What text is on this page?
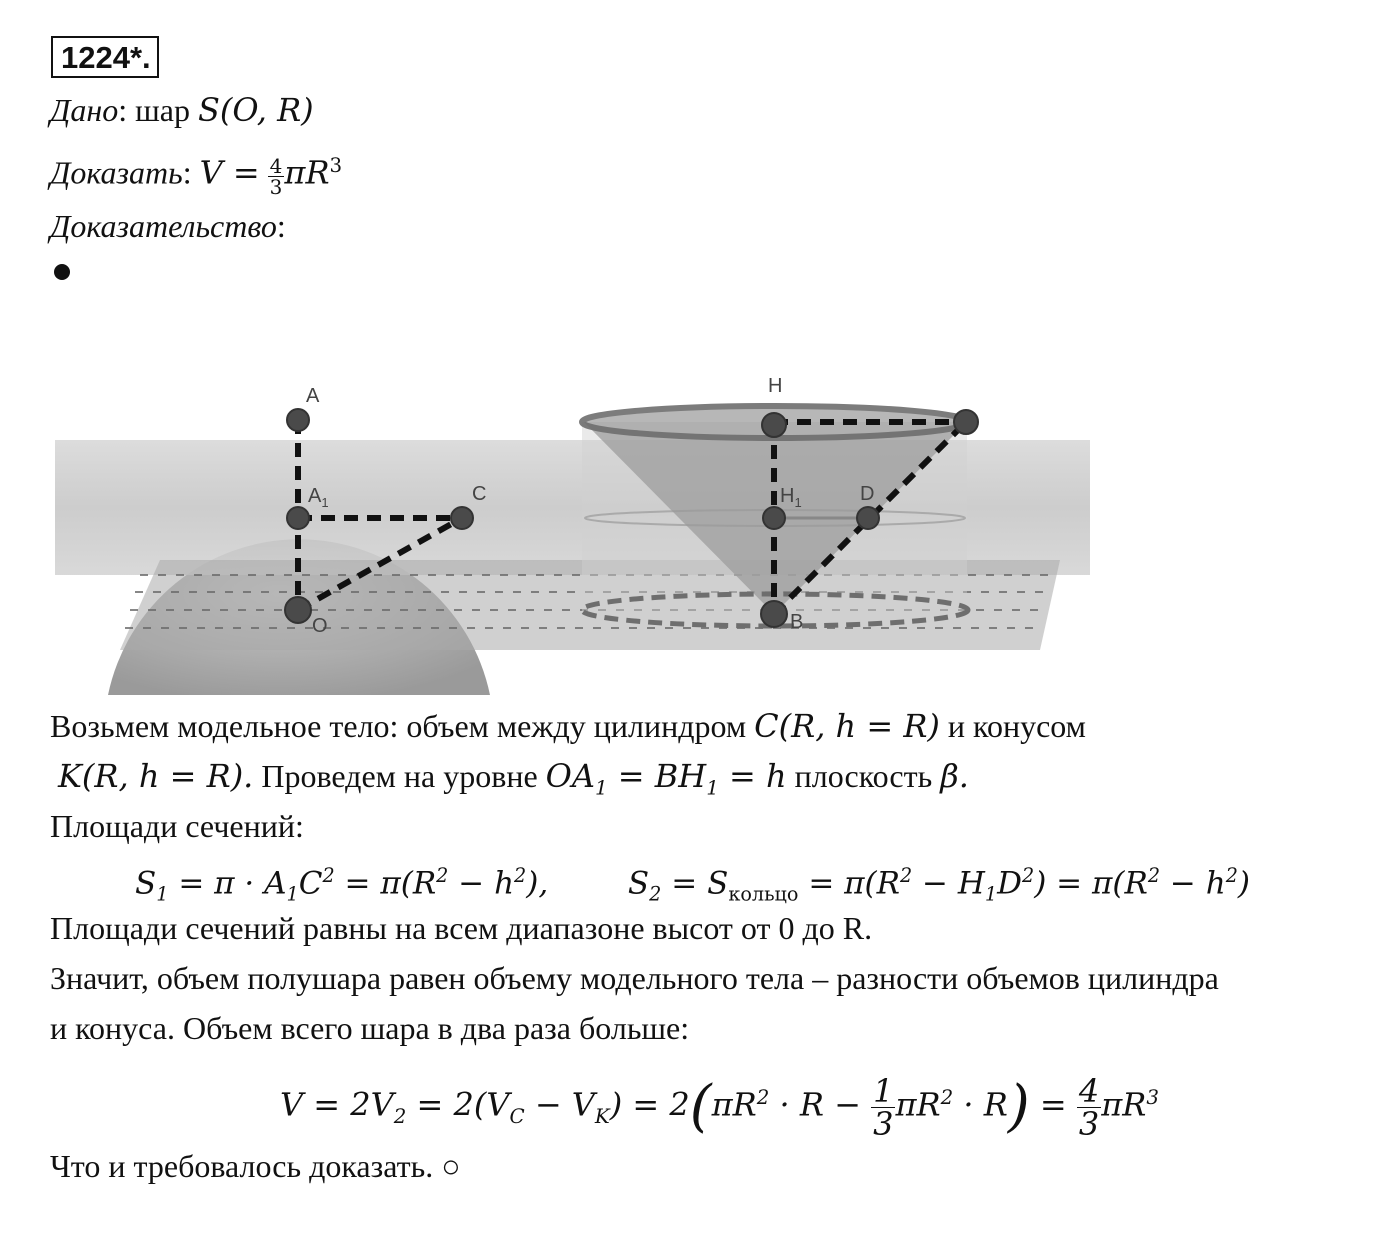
1224*.
Дано: шар S(O, R)
Доказать: $V = \frac{4}{3} \pi R^3$
Доказательство:
A
$A_1$	C
O
H
$H_1$	D
B
Возьмем модельное тело: объем между цилиндром C(R, h = R) и конусом
K(R, h = R). Проведем на уровне $OA_1 = BH_1 = h$ плоскость β.
Площади сечений:
$S_1 = \pi \cdot A_1C^2 = \pi(R^2 - h^2)$,	$S_2 = S_{кольцо} = \pi(R^2 - H_1D^2) = \pi(R^2 - h^2)$
Площади сечений равны на всем диапазоне высот от 0 до R.
Значит, объем полушара равен объему модельного тела – разности объемов цилиндра
и конуса. Объем всего шара в два раза больше:
$V = 2V_2 = 2(V_C - V_K) = 2(\pi R^2 \cdot R - \frac{1}{3} \pi R^2 \cdot R) = \frac{4}{3} \pi R^3$
Что и требовалось доказать. ○
